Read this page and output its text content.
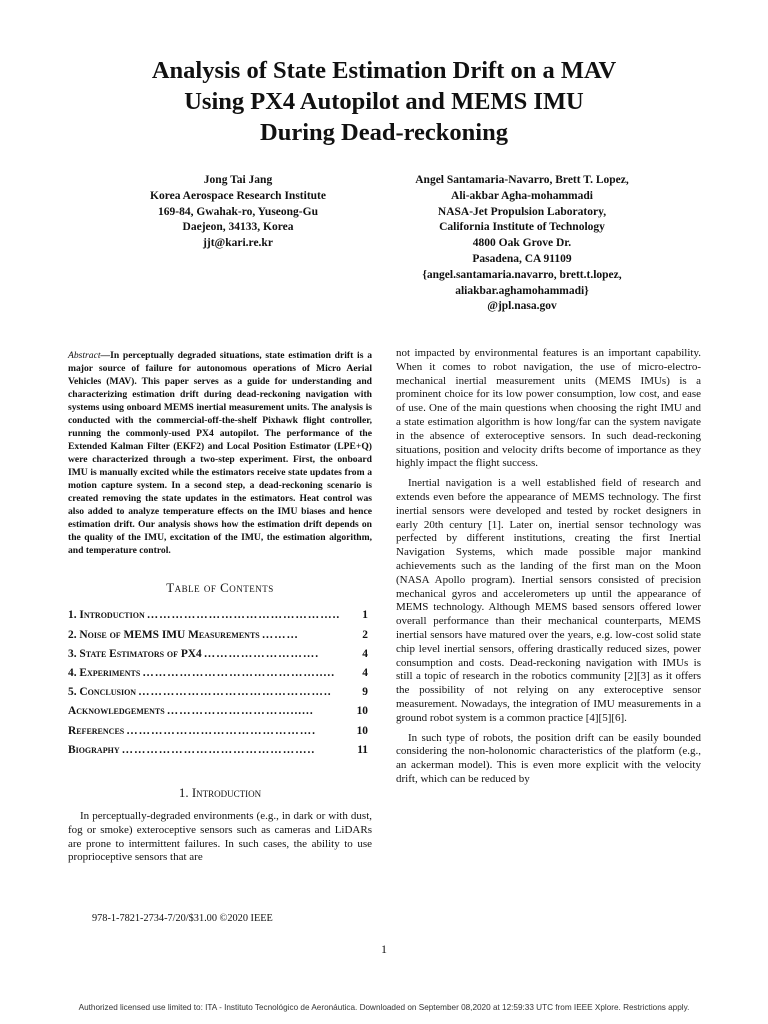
Analysis of State Estimation Drift on a MAV
Using PX4 Autopilot and MEMS IMU
During Dead-reckoning
Jong Tai Jang
Korea Aerospace Research Institute
169-84, Gwahak-ro, Yuseong-Gu
Daejeon, 34133, Korea
jjt@kari.re.kr
Angel Santamaria-Navarro, Brett T. Lopez,
Ali-akbar Agha-mohammadi
NASA-Jet Propulsion Laboratory,
California Institute of Technology
4800 Oak Grove Dr.
Pasadena, CA 91109
{angel.santamaria.navarro, brett.t.lopez,
aliakbar.aghamohammadi}
@jpl.nasa.gov
Abstract—In perceptually degraded situations, state estimation drift is a major source of failure for autonomous operations of Micro Aerial Vehicles (MAV). This paper serves as a guide for understanding and characterizing estimation drift during dead-reckoning navigation with systems using onboard MEMS inertial measurement units. The analysis is conducted with the commercial-off-the-shelf Pixhawk flight controller, running the commonly-used PX4 autopilot. The performance of the Extended Kalman Filter (EKF2) and Local Position Estimator (LPE+Q) were characterized through a two-step experiment. First, the onboard IMU is manually excited while the estimators receive state updates from a motion capture system. In a second step, a dead-reckoning scenario is created removing the state updates in the estimators. Heat control was also added to analyze temperature effects on the IMU biases and hence estimation drift. Our analysis shows how the estimation drift depends on the quality of the IMU, excitation of the IMU, the estimation algorithm, and temperature control.
Table of Contents
1. Introduction ………………………………………..	1
2. Noise of MEMS IMU Measurements ………	2
3. State Estimators of PX4 ……………………….	4
4. Experiments …………………………………….....	4
5. Conclusion ………………………………………..	9
Acknowledgements …………………………......	10
References ……………………………………….	10
Biography ………………………………………..	11
1. Introduction

In perceptually-degraded environments (e.g., in dark or with dust, fog or smoke) exteroceptive sensors such as cameras and LiDARs are prone to intermittent failures. In such cases, the ability to use proprioceptive sensors that are

not impacted by environmental features is an important capability. When it comes to robot navigation, the use of micro-electro-mechanical inertial measurement units (MEMS IMUs) is a prominent choice for its low power consumption, low cost, and ease of use. One of the main questions when choosing the right IMU and a state estimation algorithm is how long/far can the system navigate in the absence of exteroceptive sensors. In such dead-reckoning situations, position and velocity drifts become of importance as they highly impact the flight success.

Inertial navigation is a well established field of research and extends even before the appearance of MEMS technology. The first inertial sensors were developed and tested by rocket designers in early 20th century [1]. Later on, inertial sensor technology was perfected by different institutions, creating the first Inertial Navigation Systems, which made possible major mankind achievements such as the landing of the first man on the Moon (NASA Apollo program). Inertial sensors consisted of precision mechanical gyros and accelerometers up until the appearance of MEMS technology. Although MEMS based sensors offered lower overall performance than their mechanical counterparts, MEMS inertial sensors have matured over the years, e.g. low-cost solid state chip level inertial sensors, offering drastically reduced sizes, power consumption and costs. Dead-reckoning navigation with IMUs is still a topic of research in the robotics community [2][3] as it offers the possibility of not relying on any exteroceptive sensor measurement. Nowadays, the integration of IMU measurements in a ground robot system is a common practice [4][5][6].

In such type of robots, the position drift can be easily bounded considering the non-holonomic characteristics of the platform (e.g., an ackerman model). This is even more explicit with the velocity drift, which can be reduced by

978-1-7821-2734-7/20/$31.00 ©2020 IEEE
1
Authorized licensed use limited to: ITA - Instituto Tecnológico de Aeronáutica. Downloaded on September 08,2020 at 12:59:33 UTC from IEEE Xplore. Restrictions apply.
